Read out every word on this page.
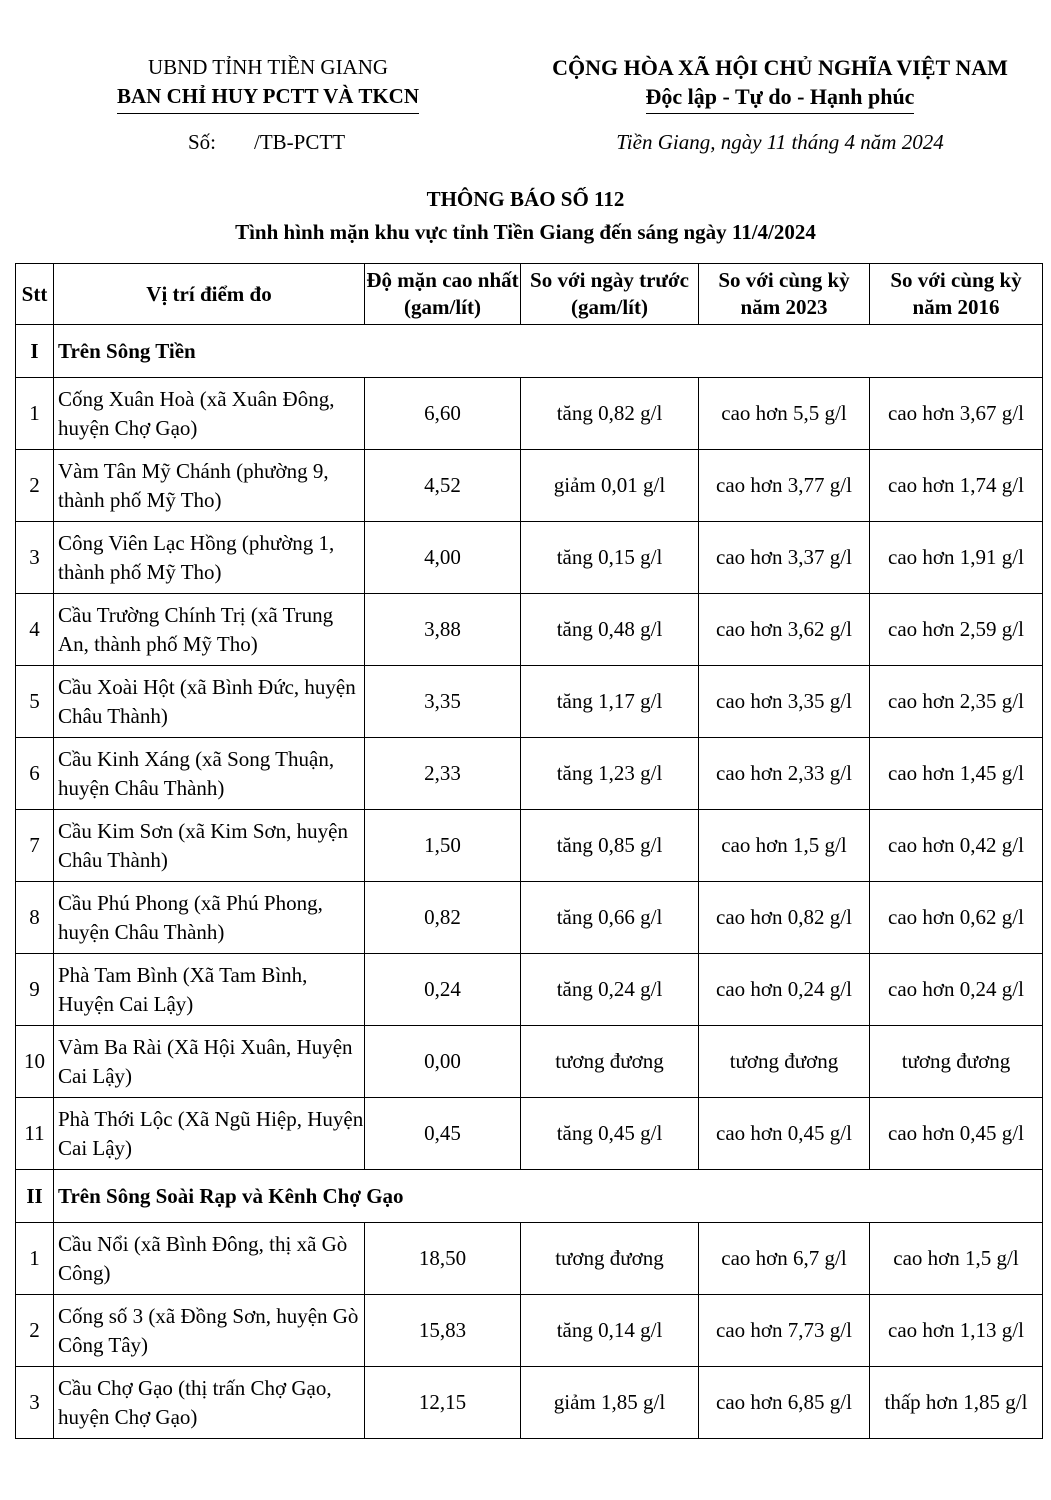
UBND TỈNH TIỀN GIANG
BAN CHỈ HUY PCTT VÀ TKCN
CỘNG HÒA XÃ HỘI CHỦ NGHĨA VIỆT NAM
Độc lập - Tự do - Hạnh phúc
Số: /TB-PCTT	Tiền Giang, ngày 11 tháng 4 năm 2024
THÔNG BÁO SỐ 112
Tình hình mặn khu vực tỉnh Tiền Giang đến sáng ngày 11/4/2024
Stt	Vị trí điểm đo	Độ mặn cao nhất (gam/lít)	So với ngày trước (gam/lít)	So với cùng kỳ năm 2023	So với cùng kỳ năm 2016
I	Trên Sông Tiền				
1	Cống Xuân Hoà (xã Xuân Đông, huyện Chợ Gạo)	6,60	tăng 0,82 g/l	cao hơn 5,5 g/l	cao hơn 3,67 g/l
2	Vàm Tân Mỹ Chánh (phường 9, thành phố Mỹ Tho)	4,52	giảm 0,01 g/l	cao hơn 3,77 g/l	cao hơn 1,74 g/l
3	Công Viên Lạc Hồng (phường 1, thành phố Mỹ Tho)	4,00	tăng 0,15 g/l	cao hơn 3,37 g/l	cao hơn 1,91 g/l
4	Cầu Trường Chính Trị (xã Trung An, thành phố Mỹ Tho)	3,88	tăng 0,48 g/l	cao hơn 3,62 g/l	cao hơn 2,59 g/l
5	Cầu Xoài Hột (xã Bình Đức, huyện Châu Thành)	3,35	tăng 1,17 g/l	cao hơn 3,35 g/l	cao hơn 2,35 g/l
6	Cầu Kinh Xáng (xã Song Thuận, huyện Châu Thành)	2,33	tăng 1,23 g/l	cao hơn 2,33 g/l	cao hơn 1,45 g/l
7	Cầu Kim Sơn (xã Kim Sơn, huyện Châu Thành)	1,50	tăng 0,85 g/l	cao hơn 1,5 g/l	cao hơn 0,42 g/l
8	Cầu Phú Phong (xã Phú Phong, huyện Châu Thành)	0,82	tăng 0,66 g/l	cao hơn 0,82 g/l	cao hơn 0,62 g/l
9	Phà Tam Bình (Xã Tam Bình, Huyện Cai Lậy)	0,24	tăng 0,24 g/l	cao hơn 0,24 g/l	cao hơn 0,24 g/l
10	Vàm Ba Rài (Xã Hội Xuân, Huyện Cai Lậy)	0,00	tương đương	tương đương	tương đương
11	Phà Thới Lộc (Xã Ngũ Hiệp, Huyện Cai Lậy)	0,45	tăng 0,45 g/l	cao hơn 0,45 g/l	cao hơn 0,45 g/l
II	Trên Sông Soài Rạp và Kênh Chợ Gạo				
1	Cầu Nổi (xã Bình Đông, thị xã Gò Công)	18,50	tương đương	cao hơn 6,7 g/l	cao hơn 1,5 g/l
2	Cống số 3 (xã Đồng Sơn, huyện Gò Công Tây)	15,83	tăng 0,14 g/l	cao hơn 7,73 g/l	cao hơn 1,13 g/l
3	Cầu Chợ Gạo (thị trấn Chợ Gạo, huyện Chợ Gạo)	12,15	giảm 1,85 g/l	cao hơn 6,85 g/l	thấp hơn 1,85 g/l
